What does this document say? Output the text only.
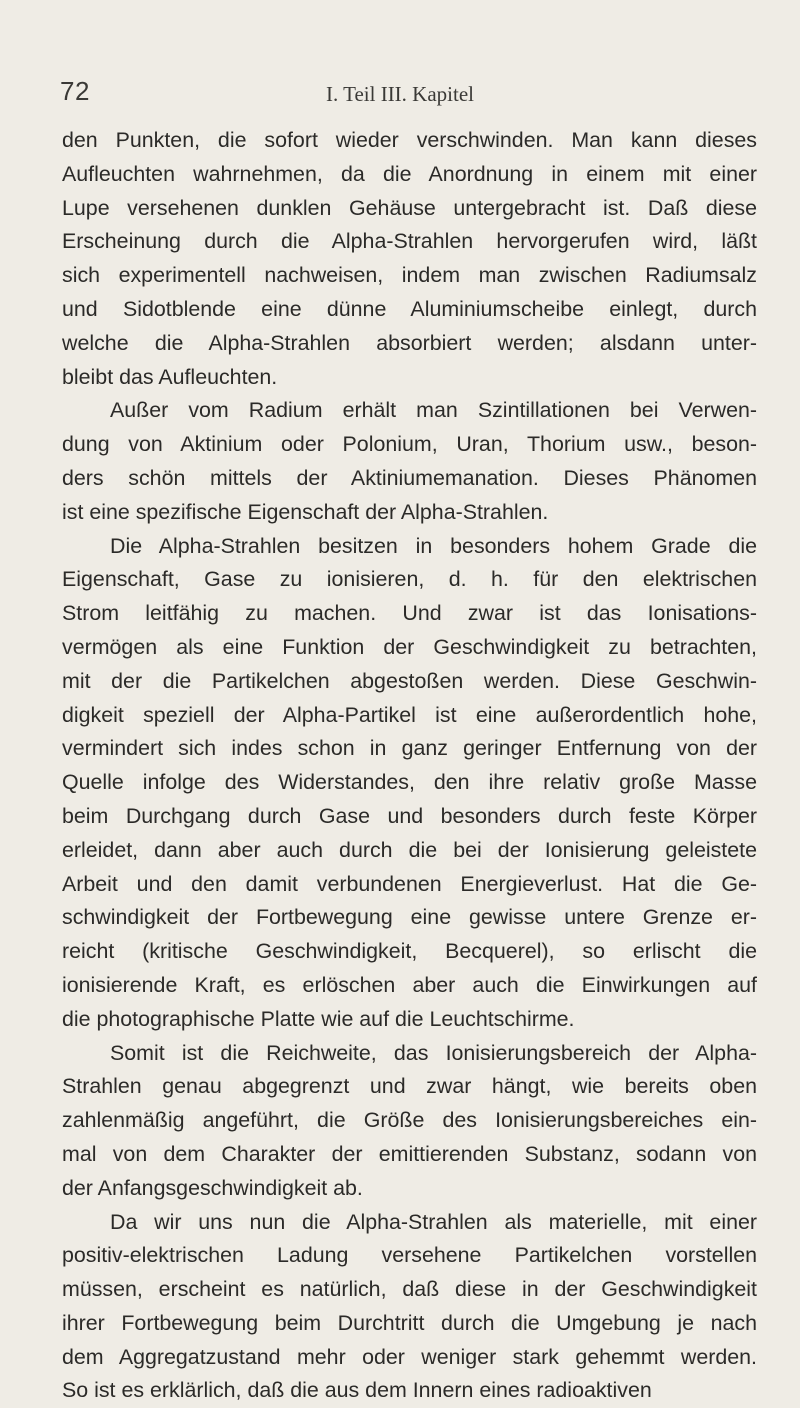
72	I. Teil III. Kapitel
den Punkten, die sofort wieder verschwinden. Man kann dieses
Aufleuchten wahrnehmen, da die Anordnung in einem mit einer
Lupe versehenen dunklen Gehäuse untergebracht ist. Daß diese
Erscheinung durch die Alpha-Strahlen hervorgerufen wird, läßt
sich experimentell nachweisen, indem man zwischen Radiumsalz
und Sidotblende eine dünne Aluminiumscheibe einlegt, durch
welche die Alpha-Strahlen absorbiert werden; alsdann unter-
bleibt das Aufleuchten.
Außer vom Radium erhält man Szintillationen bei Verwen-
dung von Aktinium oder Polonium, Uran, Thorium usw., beson-
ders schön mittels der Aktiniumemanation. Dieses Phänomen
ist eine spezifische Eigenschaft der Alpha-Strahlen.
Die Alpha-Strahlen besitzen in besonders hohem Grade die
Eigenschaft, Gase zu ionisieren, d. h. für den elektrischen
Strom leitfähig zu machen. Und zwar ist das Ionisations-
vermögen als eine Funktion der Geschwindigkeit zu betrachten,
mit der die Partikelchen abgestoßen werden. Diese Geschwin-
digkeit speziell der Alpha-Partikel ist eine außerordentlich hohe,
vermindert sich indes schon in ganz geringer Entfernung von der
Quelle infolge des Widerstandes, den ihre relativ große Masse
beim Durchgang durch Gase und besonders durch feste Körper
erleidet, dann aber auch durch die bei der Ionisierung geleistete
Arbeit und den damit verbundenen Energieverlust. Hat die Ge-
schwindigkeit der Fortbewegung eine gewisse untere Grenze er-
reicht (kritische Geschwindigkeit, Becquerel), so erlischt die
ionisierende Kraft, es erlöschen aber auch die Einwirkungen auf
die photographische Platte wie auf die Leuchtschirme.
Somit ist die Reichweite, das Ionisierungsbereich der Alpha-
Strahlen genau abgegrenzt und zwar hängt, wie bereits oben
zahlenmäßig angeführt, die Größe des Ionisierungsbereiches ein-
mal von dem Charakter der emittierenden Substanz, sodann von
der Anfangsgeschwindigkeit ab.
Da wir uns nun die Alpha-Strahlen als materielle, mit einer
positiv-elektrischen Ladung versehene Partikelchen vorstellen
müssen, erscheint es natürlich, daß diese in der Geschwindigkeit
ihrer Fortbewegung beim Durchtritt durch die Umgebung je nach
dem Aggregatzustand mehr oder weniger stark gehemmt werden.
So ist es erklärlich, daß die aus dem Innern eines radioaktiven
